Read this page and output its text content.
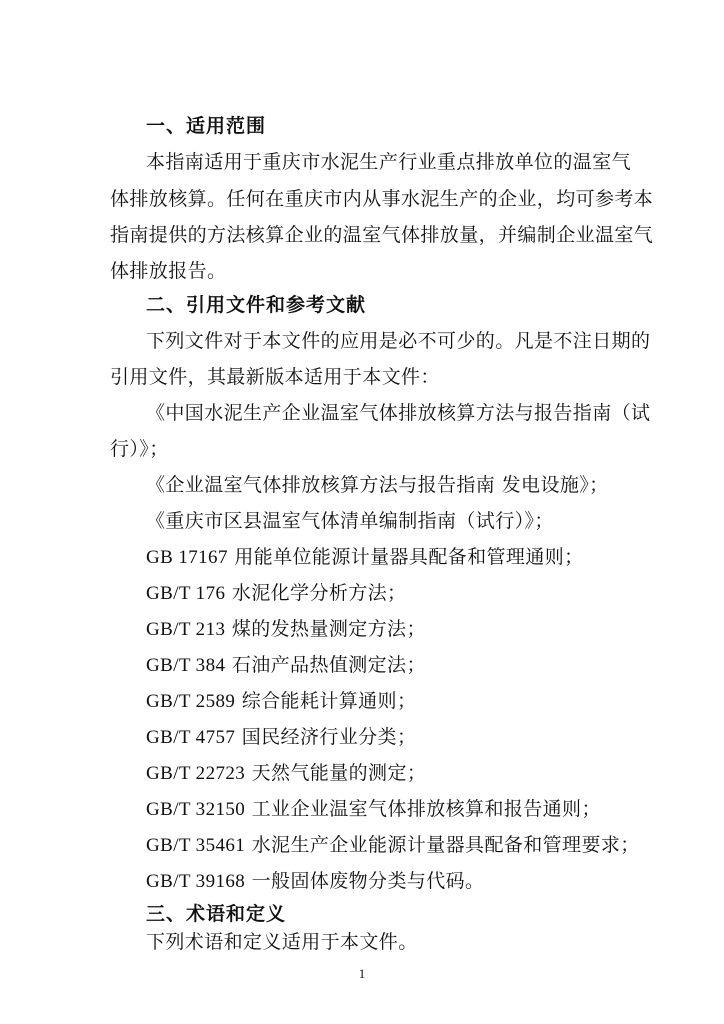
一、适用范围
本指南适用于重庆市水泥生产行业重点排放单位的温室气
体排放核算。任何在重庆市内从事水泥生产的企业，均可参考本
指南提供的方法核算企业的温室气体排放量，并编制企业温室气
体排放报告。
二、引用文件和参考文献
下列文件对于本文件的应用是必不可少的。凡是不注日期的
引用文件，其最新版本适用于本文件：
《中国水泥生产企业温室气体排放核算方法与报告指南（试
行）》；
《企业温室气体排放核算方法与报告指南 发电设施》；
《重庆市区县温室气体清单编制指南（试行）》；
GB 17167 用能单位能源计量器具配备和管理通则；
GB/T 176 水泥化学分析方法；
GB/T 213 煤的发热量测定方法；
GB/T 384 石油产品热值测定法；
GB/T 2589 综合能耗计算通则；
GB/T 4757 国民经济行业分类；
GB/T 22723 天然气能量的测定；
GB/T 32150 工业企业温室气体排放核算和报告通则；
GB/T 35461 水泥生产企业能源计量器具配备和管理要求；
GB/T 39168 一般固体废物分类与代码。
三、术语和定义
下列术语和定义适用于本文件。
1
